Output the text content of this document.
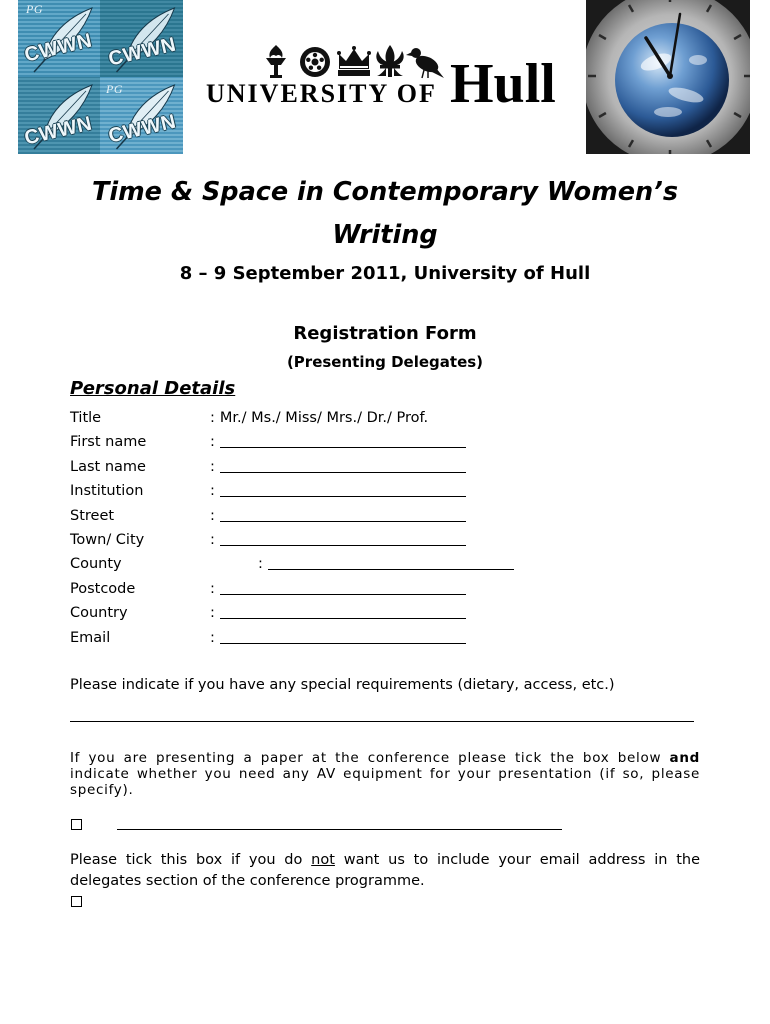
PG
CWWN CWWN
CWWN
PG
CWWN
UNIVERSITY OF Hull
Time & Space in Contemporary Women’s Writing
8 – 9 September 2011, University of Hull
Registration Form
(Presenting Delegates)
Personal Details
Title	: Mr./ Ms./ Miss/ Mrs./ Dr./ Prof.
First name	:
Last name	:
Institution	:
Street	:
Town/ City	:
County	:
Postcode	:
Country	:
Email	:
Please indicate if you have any special requirements (dietary, access, etc.)
If you are presenting a paper at the conference please tick the box below and
indicate whether you need any AV equipment for your presentation (if so, please
specify).
Please tick this box if you do not want us to include your email address in the
delegates section of the conference programme.
